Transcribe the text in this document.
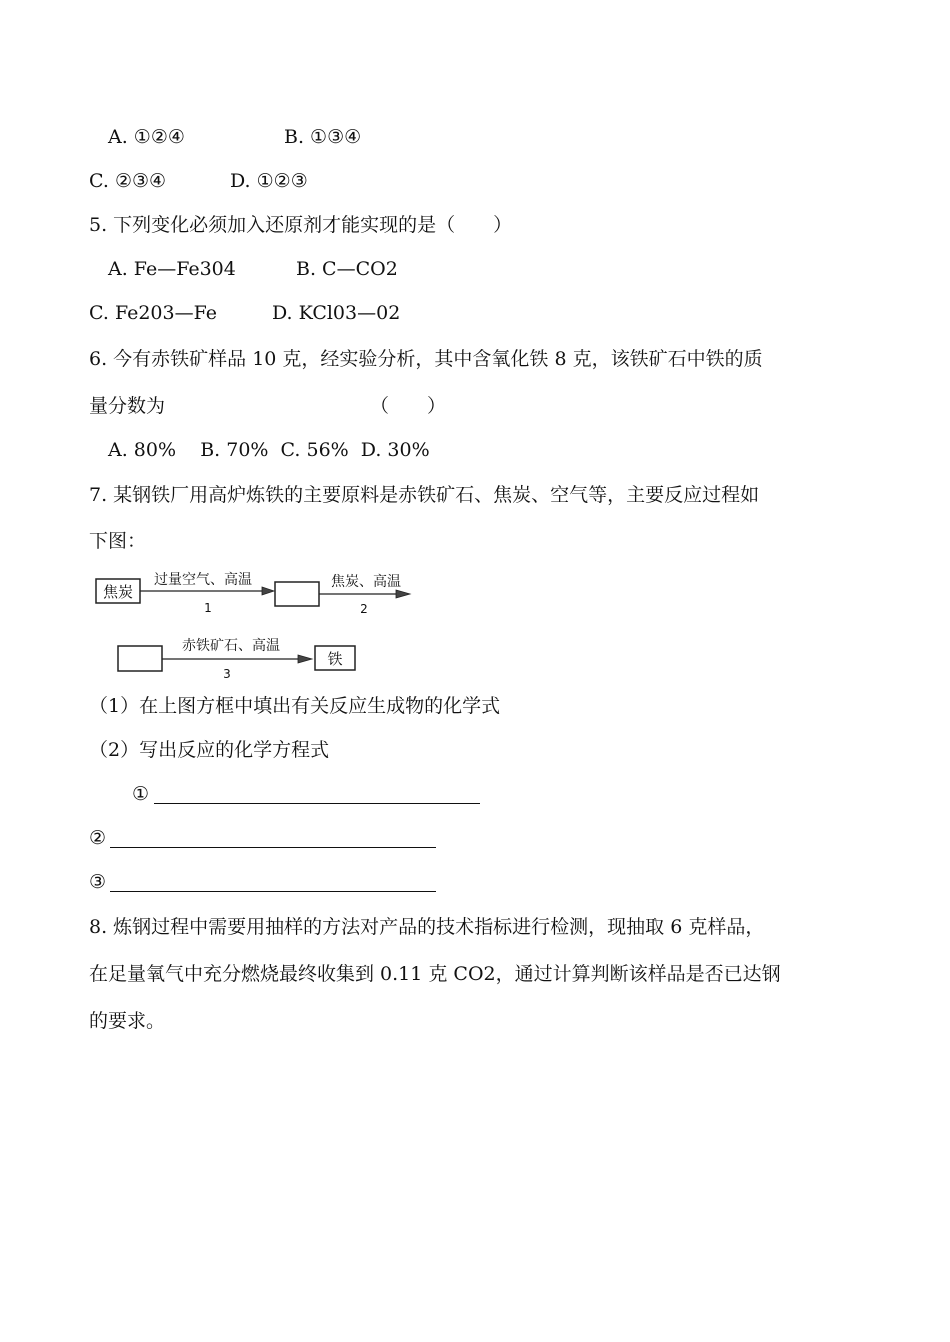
A. ①②④	B. ①③④
C. ②③④	D. ①②③
5. 下列变化必须加入还原剂才能实现的是（　　）
A. Fe—Fe304	B. C—CO2
C. Fe203—Fe	D. KCl03—02
6. 今有赤铁矿样品 10 克，经实验分析，其中含氧化铁 8 克，该铁矿石中铁的质
量分数为	（　　）
A. 80%    B. 70%  C. 56%  D. 30%
7. 某钢铁厂用高炉炼铁的主要原料是赤铁矿石、焦炭、空气等，主要反应过程如
下图：
焦炭
过量空气、高温
1
焦炭、高温
2
赤铁矿石、高温
3
铁
（1）在上图方框中填出有关反应生成物的化学式
（2）写出反应的化学方程式
①
②
③
8. 炼钢过程中需要用抽样的方法对产品的技术指标进行检测，现抽取 6 克样品，
在足量氧气中充分燃烧最终收集到 0.11 克 CO2，通过计算判断该样品是否已达钢
的要求。
